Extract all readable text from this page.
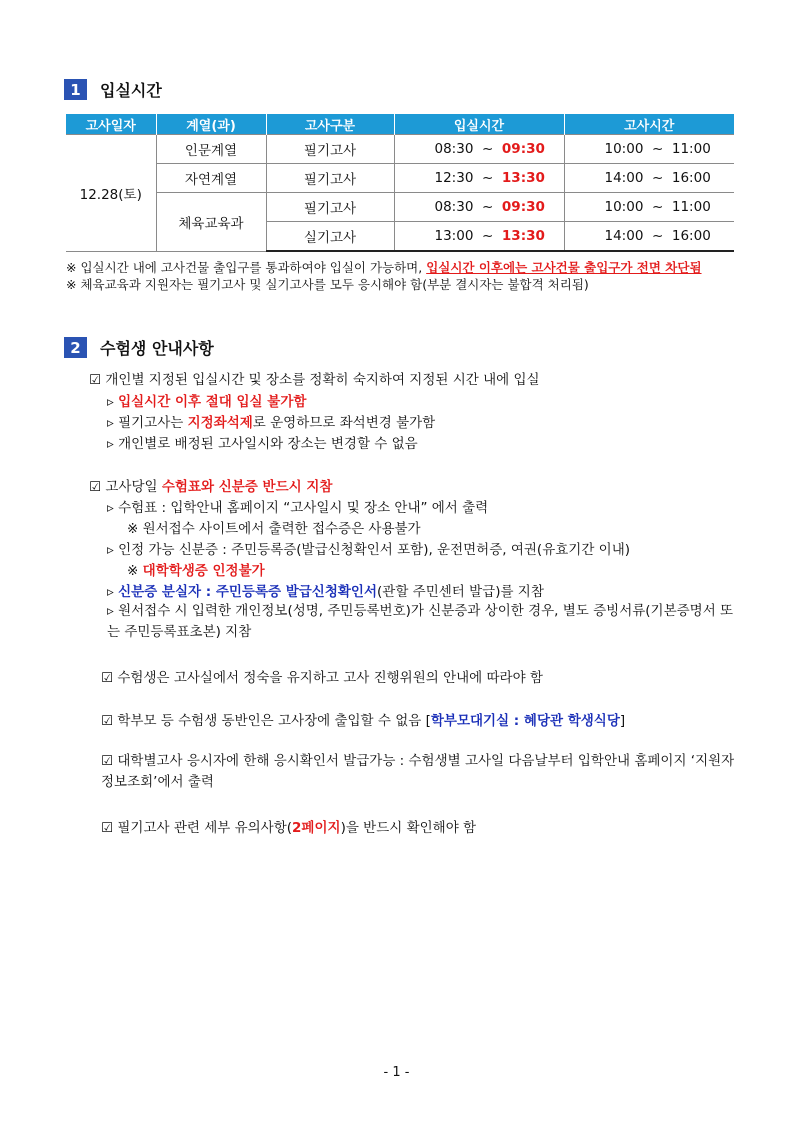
1	입실시간
고사일자	계열(과)	고사구분	입실시간	고사시간
12.28(토)	인문계열	필기고사	08:30 ~ 09:30	10:00  ~  11:00
	자연계열	필기고사	12:30 ~ 13:30	14:00  ~  16:00
	체육교육과	필기고사	08:30 ~ 09:30	10:00  ~  11:00
		실기고사	13:00 ~ 13:30	14:00  ~  16:00
※ 입실시간 내에 고사건물 출입구를 통과하여야 입실이 가능하며, 입실시간 이후에는 고사건물 출입구가 전면 차단됨
※ 체육교육과 지원자는 필기고사 및 실기고사를 모두 응시해야 함(부분 결시자는 불합격 처리됨)
2	수험생 안내사항
☑ 개인별 지정된 입실시간 및 장소를 정확히 숙지하여 지정된 시간 내에 입실
▹ 입실시간 이후 절대 입실 불가함
▹ 필기고사는 지정좌석제로 운영하므로 좌석변경 불가함
▹ 개인별로 배정된 고사일시와 장소는 변경할 수 없음
☑ 고사당일 수험표와 신분증 반드시 지참
▹ 수험표 : 입학안내 홈페이지 “고사일시 및 장소 안내” 에서 출력
※ 원서접수 사이트에서 출력한 접수증은 사용불가
▹ 인정 가능 신분증 : 주민등록증(발급신청확인서 포함), 운전면허증, 여권(유효기간 이내)
※ 대학학생증 인정불가
▹ 신분증 분실자 : 주민등록증 발급신청확인서(관할 주민센터 발급)를 지참
▹ 원서접수 시 입력한 개인정보(성명, 주민등록번호)가 신분증과 상이한 경우, 별도 증빙서류(기본증명서 또는 주민등록표초본) 지참
☑ 수험생은 고사실에서 정숙을 유지하고 고사 진행위원의 안내에 따라야 함
☑ 학부모 등 수험생 동반인은 고사장에 출입할 수 없음 [학부모대기실 : 혜당관 학생식당]
☑ 대학별고사 응시자에 한해 응시확인서 발급가능 : 수험생별 고사일 다음날부터 입학안내 홈페이지 ‘지원자정보조회’에서 출력
☑ 필기고사 관련 세부 유의사항(2페이지)을 반드시 확인해야 함
- 1 -
